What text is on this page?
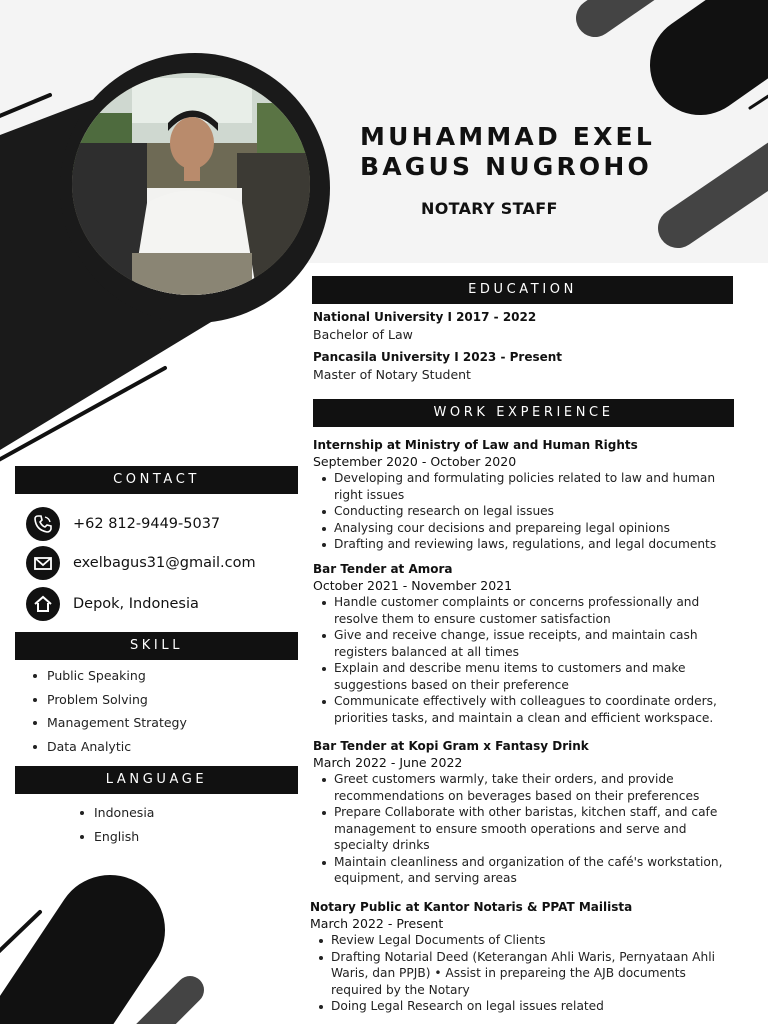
MUHAMMAD EXEL
BAGUS NUGROHO
NOTARY STAFF
CONTACT
+62 812-9449-5037
exelbagus31@gmail.com
Depok, Indonesia
SKILL
Public Speaking
Problem Solving
Management Strategy
Data Analytic
LANGUAGE
Indonesia
English
EDUCATION
National University I 2017 - 2022
Bachelor of Law
Pancasila University I 2023 - Present
Master of Notary Student
WORK EXPERIENCE
Internship at Ministry of Law and Human Rights
September 2020 - October 2020
Developing and formulating policies related to law and human right issues
Conducting research on legal issues
Analysing cour decisions and prepareing legal opinions
Drafting and reviewing laws, regulations, and legal documents
Bar Tender at Amora
October 2021 - November 2021
Handle customer complaints or concerns professionally and resolve them to ensure customer satisfaction
Give and receive change, issue receipts, and maintain cash registers balanced at all times
Explain and describe menu items to customers and make suggestions based on their preference
Communicate effectively with colleagues to coordinate orders, priorities tasks, and maintain a clean and efficient workspace.
Bar Tender at Kopi Gram x Fantasy Drink
March 2022 - June 2022
Greet customers warmly, take their orders, and provide recommendations on beverages based on their preferences
Prepare Collaborate with other baristas, kitchen staff, and cafe management to ensure smooth operations and serve and specialty drinks
Maintain cleanliness and organization of the café's workstation, equipment, and serving areas
Notary Public at Kantor Notaris & PPAT Mailista
March 2022 - Present
Review Legal Documents of Clients
Drafting Notarial Deed (Keterangan Ahli Waris, Pernyataan Ahli Waris, dan PPJB) • Assist in prepareing the AJB documents required by the Notary
Doing Legal Research on legal issues related
